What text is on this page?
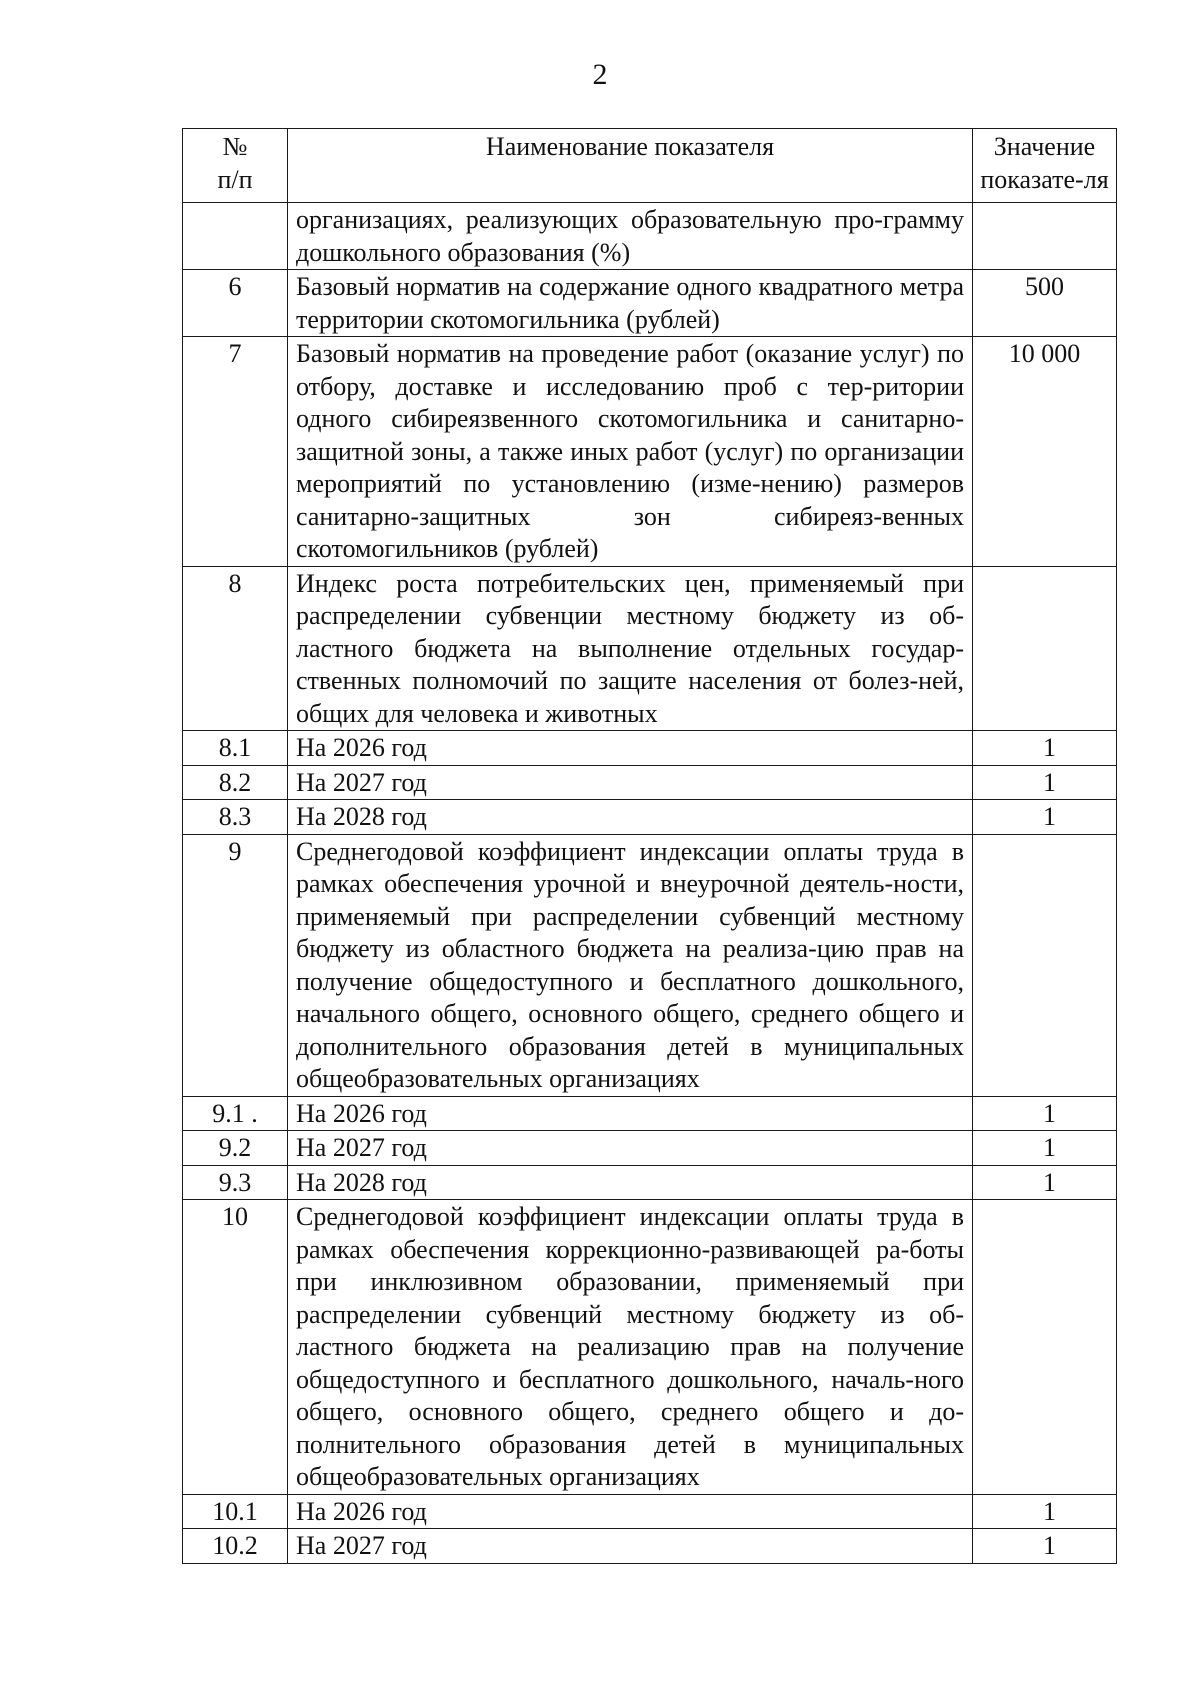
2
№ п/п	Наименование показателя	Значение показате-ля
	организациях, реализующих образовательную про-грамму дошкольного образования (%)	
6	Базовый норматив на содержание одного квадратного метра территории скотомогильника (рублей)	500
7	Базовый норматив на проведение работ (оказание услуг) по отбору, доставке и исследованию проб с тер-ритории одного сибиреязвенного скотомогильника и санитарно-защитной зоны, а также иных работ (услуг) по организации мероприятий по установлению (изме-нению) размеров санитарно-защитных зон сибиреяз-венных скотомогильников (рублей)	10 000
8	Индекс роста потребительских цен, применяемый при распределении субвенции местному бюджету из об-ластного бюджета на выполнение отдельных государ-ственных полномочий по защите населения от болез-ней, общих для человека и животных	
8.1	На 2026 год	1
8.2	На 2027 год	1
8.3	На 2028 год	1
9	Среднегодовой коэффициент индексации оплаты труда в рамках обеспечения урочной и внеурочной деятель-ности, применяемый при распределении субвенций местному бюджету из областного бюджета на реализа-цию прав на получение общедоступного и бесплатного дошкольного, начального общего, основного общего, среднего общего и дополнительного образования детей в муниципальных общеобразовательных организациях	
9.1 .	На 2026 год	1
9.2	На 2027 год	1
9.3	На 2028 год	1
10	Среднегодовой коэффициент индексации оплаты труда в рамках обеспечения коррекционно-развивающей ра-боты при инклюзивном образовании, применяемый при распределении субвенций местному бюджету из об-ластного бюджета на реализацию прав на получение общедоступного и бесплатного дошкольного, началь-ного общего, основного общего, среднего общего и до-полнительного образования детей в муниципальных общеобразовательных организациях	
10.1	На 2026 год	1
10.2	На 2027 год	1
